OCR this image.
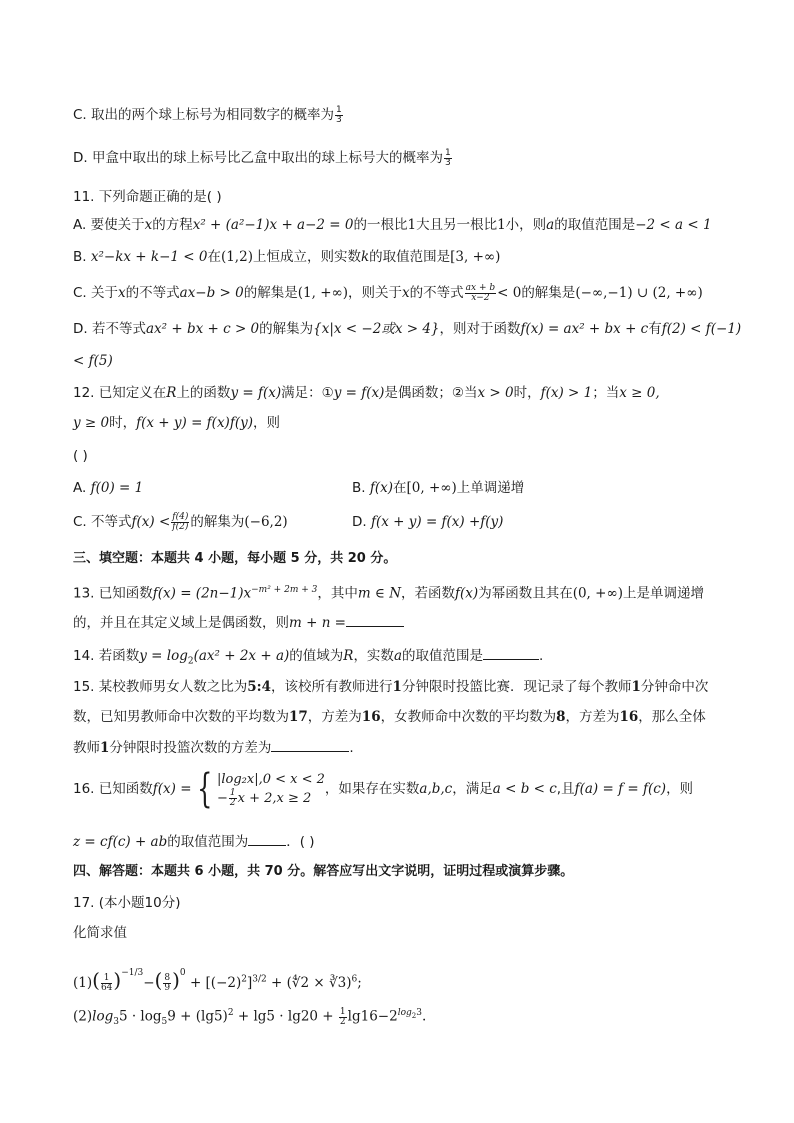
C. 取出的两个球上标号为相同数字的概率为 $\frac{1}{3}$
D. 甲盒中取出的球上标号比乙盒中取出的球上标号大的概率为 $\frac{1}{3}$
11. 下列命题正确的是( )
A. 要使关于x的方程x² + (a²−1)x + a−2 = 0的一根比1大且另一根比1小，则a的取值范围是−2 < a < 1
B. x²−kx + k−1 < 0在(1,2)上恒成立，则实数k的取值范围是[3, +∞)
C. 关于x的不等式ax−b > 0的解集是(1, +∞)，则关于x的不等式 $\frac{ax + b}{x-2} < 0$的解集是(−∞,−1) ∪ (2, +∞)
D. 若不等式ax² + bx + c > 0的解集为{x|x < −2或x > 4}，则对于函数f(x) = ax² + bx + c有f(2) < f(−1)
< f(5)
12. 已知定义在R上的函数y = f(x)满足：①y = f(x)是偶函数；②当x > 0时，f(x) > 1；当x ≥ 0,
y ≥ 0时，f(x + y) = f(x)f(y)，则
( )
A. f(0) = 1	B. f(x)在[0, +∞)上单调递增
C. 不等式$f(x) < \frac{f(4)}{f(2)}$ 的解集为(−6,2)	D. f(x + y) = f(x) +f(y)
三、填空题：本题共 4 小题，每小题 5 分，共 20 分。
13. 已知函数$f(x) = (2n-1)x^{-m^2 + 2m + 3}$，其中m ∈ N，若函数f(x)为幂函数且其在(0, +∞)上是单调递增
的，并且在其定义域上是偶函数，则m + n =
14. 若函数$y = \log_2(ax^2 + 2x + a)$的值域为R，实数a的取值范围是	.
15. 某校教师男女人数之比为5:4，该校所有教师进行1分钟限时投篮比赛．现记录了每个教师1分钟命中次
数，已知男教师命中次数的平均数为17，方差为16，女教师命中次数的平均数为8，方差为16，那么全体
教师1分钟限时投篮次数的方差为	.
16. 已知函数f(x) = { |log₂x|,0 < x < 2
− $\frac{1}{2}$ x + 2,x ≥ 2
，如果存在实数a,b,c，满足a < b < c,且f(a) = f = f(c)，则
z = cf(c) + ab的取值范围为	．( )
四、解答题：本题共 6 小题，共 70 分。解答应写出文字说明，证明过程或演算步骤。
17. (本小题10分)
化简求值
$(1)( \frac{1}{64} )^{-1/3}-( \frac{8}{9} )^0 + [(-2)^2]^{3/2}$ + (∜2 × ∛3)$^6$;
$(2)\log_35 \cdot \log_59 + (\lg 5)^2 + \lg 5 \cdot \lg 20 + \frac{1}{2} \lg 16-2^{log_23}$.
